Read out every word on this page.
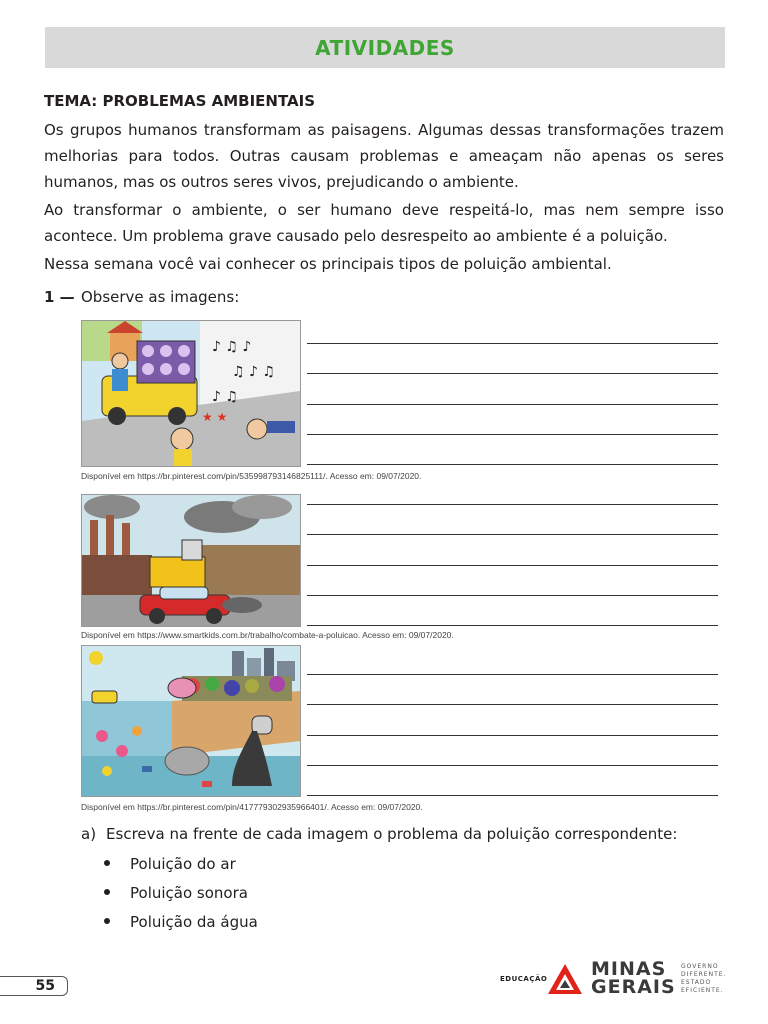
ATIVIDADES
TEMA: PROBLEMAS AMBIENTAIS
Os grupos humanos transformam as paisagens. Algumas dessas transformações trazem melhorias para todos. Outras causam problemas e ameaçam não apenas os seres humanos, mas os outros seres vivos, prejudicando o ambiente.
Ao transformar o ambiente, o ser humano deve respeitá-lo, mas nem sempre isso acontece. Um problema grave causado pelo desrespeito ao ambiente é a poluição.
Nessa semana você vai conhecer os principais tipos de poluição ambiental.
1 — Observe as imagens:
♪ ♫ ♪
♫ ♪ ♫
♪ ♫
★ ★
Disponível em https://br.pinterest.com/pin/535998793146825111/. Acesso em: 09/07/2020.
Disponível em https://www.smartkids.com.br/trabalho/combate-a-poluicao. Acesso em: 09/07/2020.
Disponível em https://br.pinterest.com/pin/417779302935966401/. Acesso em: 09/07/2020.
a) Escreva na frente de cada imagem o problema da poluição correspondente:
Poluição do ar
Poluição sonora
Poluição da água
55	EDUCAÇÃO MINAS
GERAIS
GOVERNO
DIFERENTE.
ESTADO
EFICIENTE.
